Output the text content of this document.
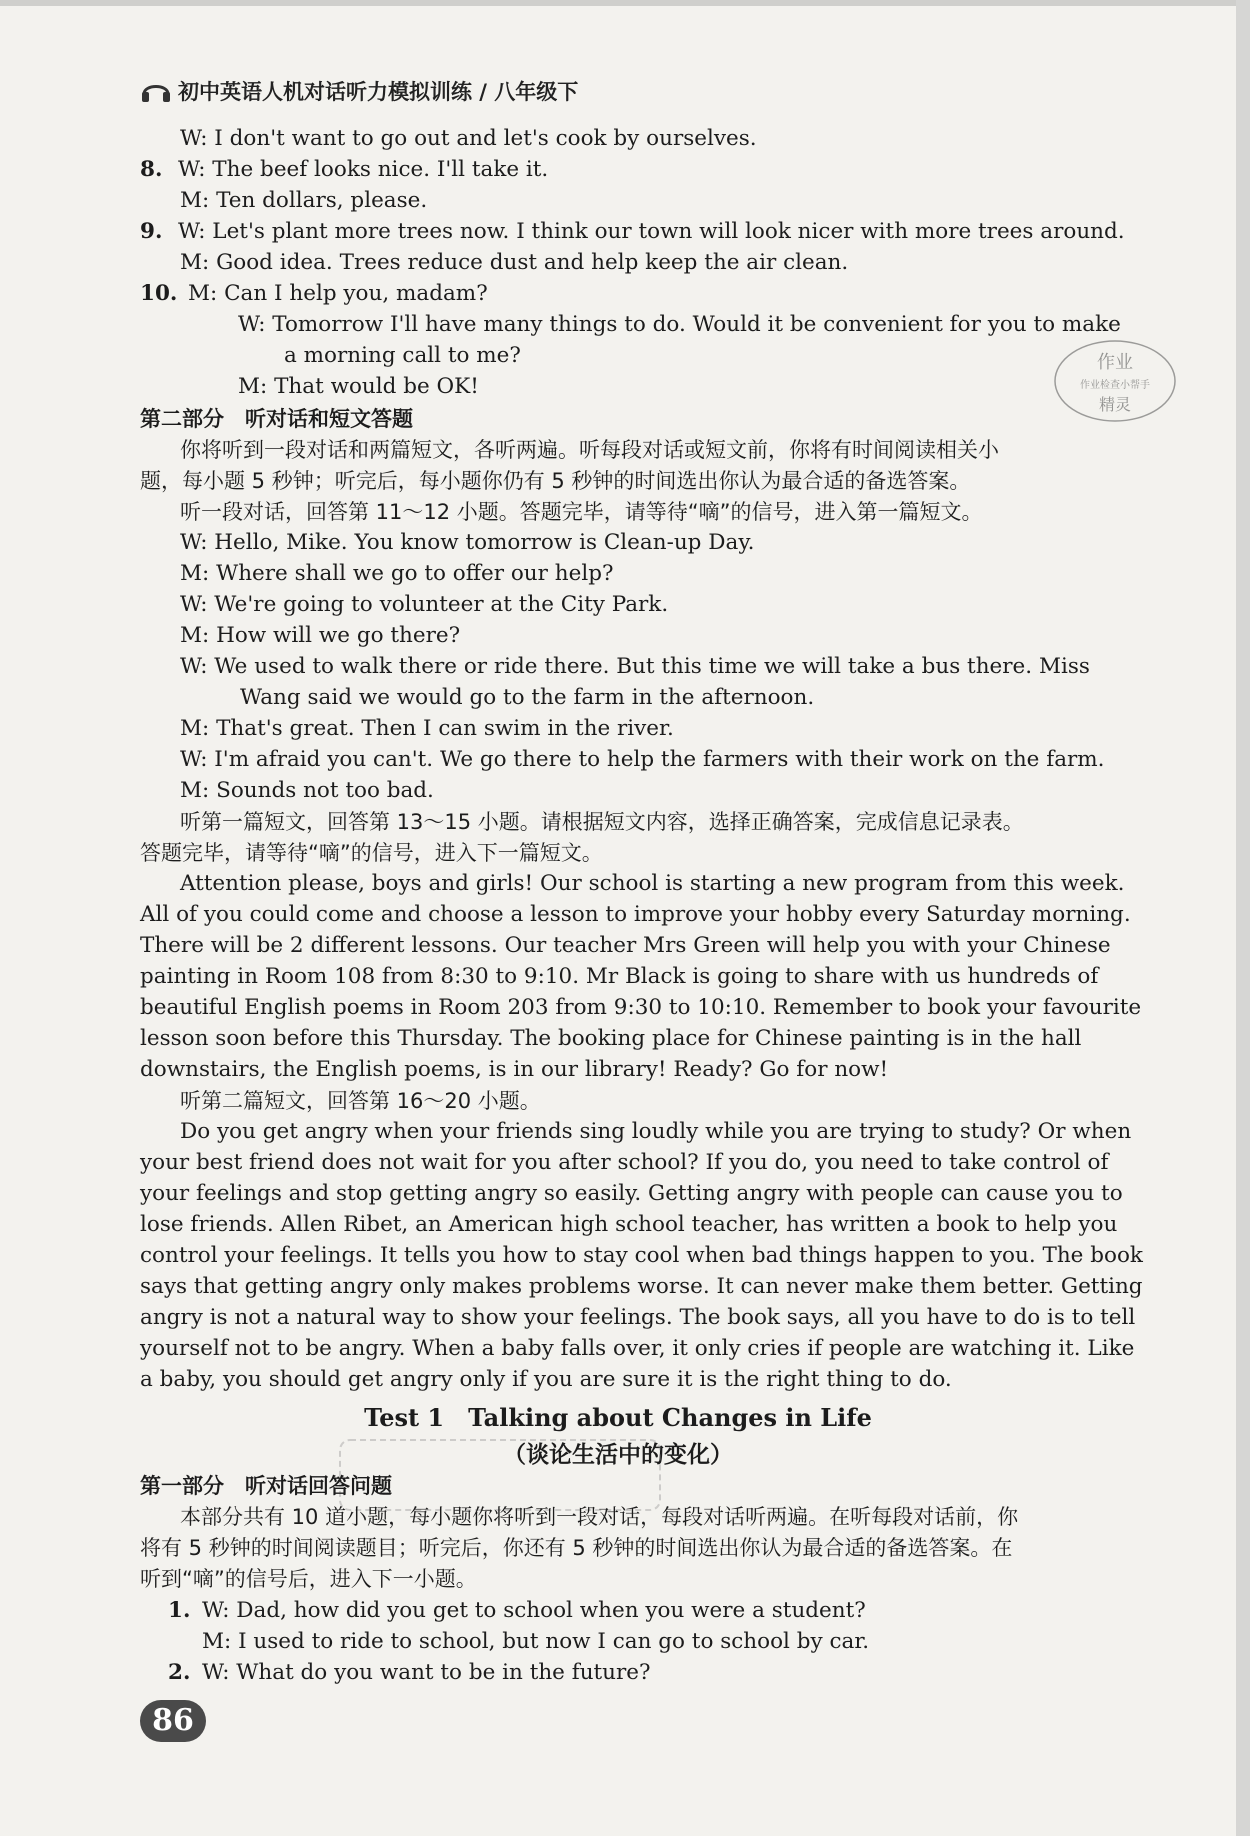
初中英语人机对话听力模拟训练 / 八年级下
W: I don't want to go out and let's cook by ourselves.
8. W: The beef looks nice. I'll take it.
M: Ten dollars, please.
9. W: Let's plant more trees now. I think our town will look nicer with more trees around.
M: Good idea. Trees reduce dust and help keep the air clean.
10. M: Can I help you, madam?
W: Tomorrow I'll have many things to do. Would it be convenient for you to make
a morning call to me?
M: That would be OK!
作业
作业检查小帮手
精灵
第二部分　听对话和短文答题
你将听到一段对话和两篇短文，各听两遍。听每段对话或短文前，你将有时间阅读相关小
题，每小题 5 秒钟；听完后，每小题你仍有 5 秒钟的时间选出你认为最合适的备选答案。
听一段对话，回答第 11～12 小题。答题完毕，请等待“嘀”的信号，进入第一篇短文。
W: Hello, Mike. You know tomorrow is Clean-up Day.
M: Where shall we go to offer our help?
W: We're going to volunteer at the City Park.
M: How will we go there?
W: We used to walk there or ride there. But this time we will take a bus there. Miss
Wang said we would go to the farm in the afternoon.
M: That's great. Then I can swim in the river.
W: I'm afraid you can't. We go there to help the farmers with their work on the farm.
M: Sounds not too bad.
听第一篇短文，回答第 13～15 小题。请根据短文内容，选择正确答案，完成信息记录表。
答题完毕，请等待“嘀”的信号，进入下一篇短文。
Attention please, boys and girls! Our school is starting a new program from this week.
All of you could come and choose a lesson to improve your hobby every Saturday morning.
There will be 2 different lessons. Our teacher Mrs Green will help you with your Chinese
painting in Room 108 from 8:30 to 9:10. Mr Black is going to share with us hundreds of
beautiful English poems in Room 203 from 9:30 to 10:10. Remember to book your favourite
lesson soon before this Thursday. The booking place for Chinese painting is in the hall
downstairs, the English poems, is in our library! Ready? Go for now!
听第二篇短文，回答第 16～20 小题。
Do you get angry when your friends sing loudly while you are trying to study? Or when
your best friend does not wait for you after school? If you do, you need to take control of
your feelings and stop getting angry so easily. Getting angry with people can cause you to
lose friends. Allen Ribet, an American high school teacher, has written a book to help you
control your feelings. It tells you how to stay cool when bad things happen to you. The book
says that getting angry only makes problems worse. It can never make them better. Getting
angry is not a natural way to show your feelings. The book says, all you have to do is to tell
yourself not to be angry. When a baby falls over, it only cries if people are watching it. Like
a baby, you should get angry only if you are sure it is the right thing to do.
Test 1　Talking about Changes in Life
（谈论生活中的变化）
第一部分　听对话回答问题
本部分共有 10 道小题，每小题你将听到一段对话，每段对话听两遍。在听每段对话前，你
将有 5 秒钟的时间阅读题目；听完后，你还有 5 秒钟的时间选出你认为最合适的备选答案。在
听到“嘀”的信号后，进入下一小题。
1. W: Dad, how did you get to school when you were a student?
M: I used to ride to school, but now I can go to school by car.
2. W: What do you want to be in the future?
86
